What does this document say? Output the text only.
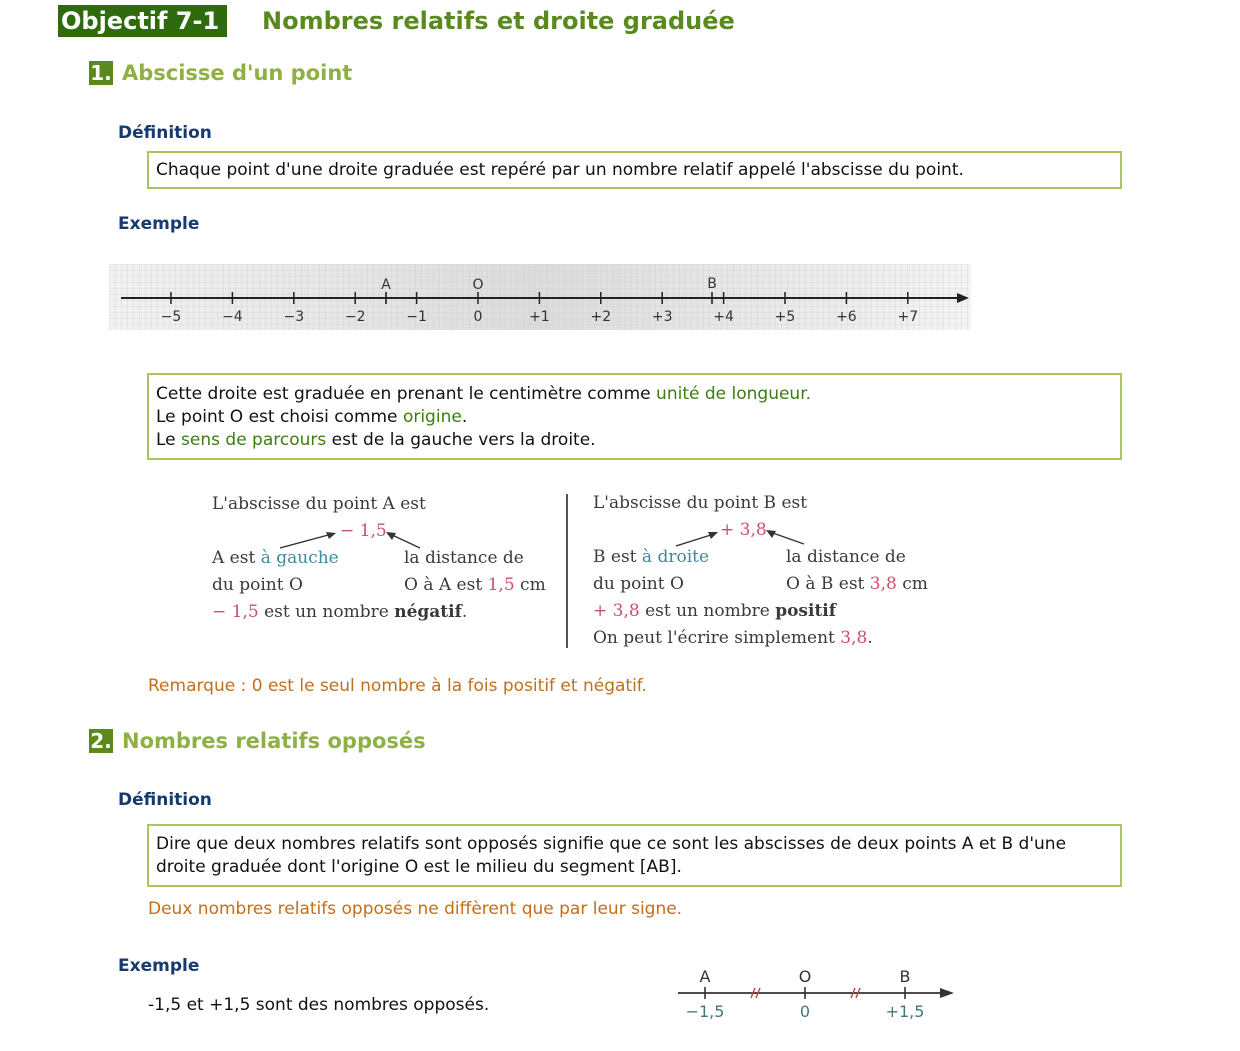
Objectif 7-1	Nombres relatifs et droite graduée
1. Abscisse d'un point
Définition
Chaque point d'une droite graduée est repéré par un nombre relatif appelé l'abscisse du point.
Exemple
−5	−4	−3	−2	−1	0	+1	+2	+3	+4	+5	+6	+7
A	O	B
Cette droite est graduée en prenant le centimètre comme unité de longueur.
Le point O est choisi comme origine.
Le sens de parcours est de la gauche vers la droite.
L'abscisse du point A est
− 1,5
A est à gauche
du point O
la distance de
O à A est 1,5 cm
− 1,5 est un nombre négatif.
L'abscisse du point B est
+ 3,8
B est à droite
du point O
la distance de
O à B est 3,8 cm
+ 3,8 est un nombre positif
On peut l'écrire simplement 3,8.
Remarque : 0 est le seul nombre à la fois positif et négatif.
2. Nombres relatifs opposés
Définition
Dire que deux nombres relatifs sont opposés signifie que ce sont les abscisses de deux points A et B d'une droite graduée dont l'origine O est le milieu du segment [AB].
Deux nombres relatifs opposés ne diffèrent que par leur signe.
Exemple
-1,5 et +1,5 sont des nombres opposés.
A	O	B
−1,5	0	+1,5
